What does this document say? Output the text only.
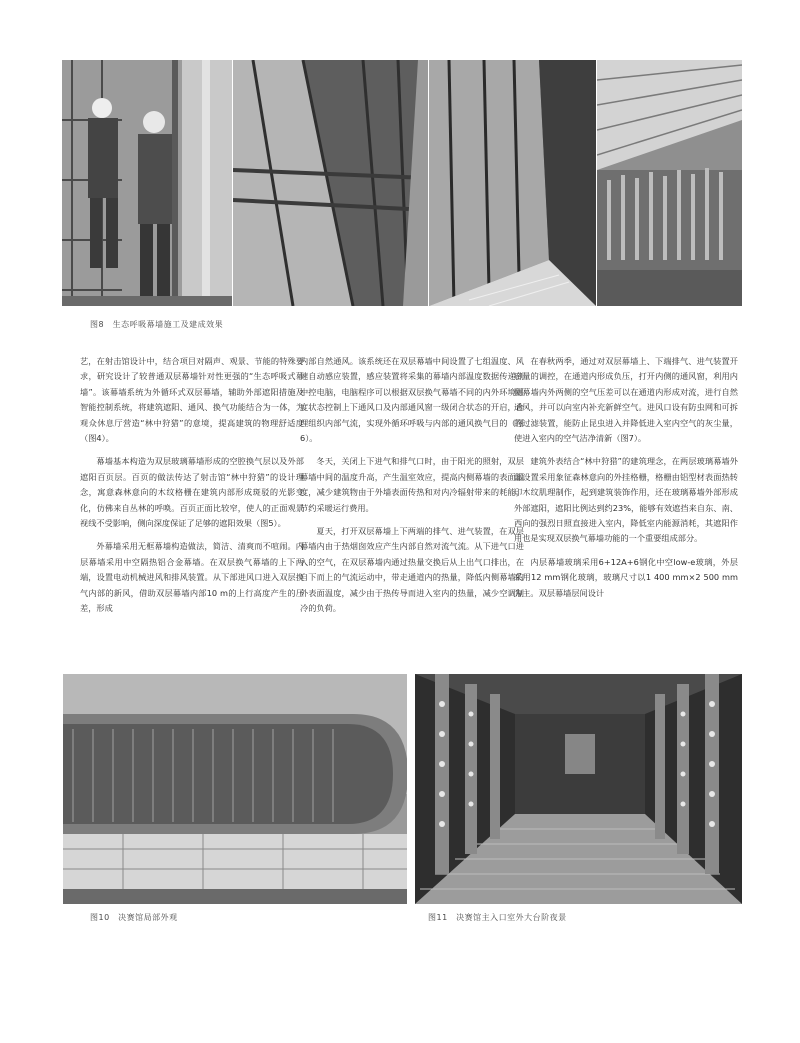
图8　生态呼吸幕墙施工及建成效果

艺，在射击馆设计中，结合项目对隔声、观景、节能的特殊要求，研究设计了较普通双层幕墙针对性更强的“生态呼吸式幕墙”。该幕墙系统为外循环式双层幕墙，辅助外部遮阳措施及智能控制系统，将建筑遮阳、通风、换气功能结合为一体，为观众休息厅营造“林中狩猎”的意境，提高建筑的物理舒适度（图4）。

幕墙基本构造为双层玻璃幕墙形成的空腔换气层以及外部遮阳百页层。百页的做法传达了射击馆“林中狩猎”的设计理念，寓意森林意向的木纹格栅在建筑内部形成斑驳的光影变化，仿佛来自丛林的呼唤。百页正面比较窄，使人的正面观景视线不受影响，侧向深度保证了足够的遮阳效果（图5）。

外幕墙采用无框幕墙构造做法，简洁、清爽而不喧闹。内层幕墙采用中空隔热铝合金幕墙。在双层换气幕墙的上下两端，设置电动机械进风和排风装置。从下部进风口进入双层换气内部的新风，借助双层幕墙内部10 m的上行高度产生的压差，形成

内部自然通风。该系统还在双层幕墙中间设置了七组温度、风速自动感应装置，感应装置将采集的幕墙内部温度数据传递到中控电脑，电脑程序可以根据双层换气幕墙不同的内外环境温度状态控制上下通风口及内部通风窗一级闭合状态的开启，合理组织内部气流，实现外循环呼吸与内部的通风换气目的（图6）。

冬天，关闭上下进气和排气口时，由于阳光的照射，双层幕墙中间的温度升高，产生温室效应，提高内侧幕墙的表面温度，减少建筑物由于外墙表面传热和对内冷辐射带来的耗能，节约采暖运行费用。

夏天，打开双层幕墙上下两端的排气、进气装置，在双层幕墙内由于热烟囱效应产生内部自然对流气流。从下进气口进入的空气，在双层幕墙内通过热量交换后从上出气口排出，在自下而上的气流运动中，带走通道内的热量，降低内侧幕墙的外表面温度，减少由于热传导而进入室内的热量，减少空调制冷的负荷。

在春秋两季，通过对双层幕墙上、下端排气、进气装置开启量的调控，在通道内形成负压，打开内侧的通风窗，利用内侧幕墙内外两侧的空气压差可以在通道内形成对流，进行自然通风，并可以向室内补充新鲜空气。进风口设有防虫网和可拆的过滤装置，能防止昆虫进入并降低进入室内空气的灰尘量，使进入室内的空气洁净清新（图7）。

建筑外表结合“林中狩猎”的建筑理念，在两层玻璃幕墙外部设置采用象征森林意向的外挂格栅，格栅由铝型材表面热转印木纹肌理制作，起到建筑装饰作用，还在玻璃幕墙外部形成外部遮阳，遮阳比例达到约23%，能够有效遮挡来自东、南、西向的强烈日照直接进入室内，降低室内能源消耗，其遮阳作用也是实现双层换气幕墙功能的一个重要组成部分。

内层幕墙玻璃采用6+12A+6钢化中空low-e玻璃，外层采用12 mm钢化玻璃，玻璃尺寸以1 400 mm×2 500 mm为主。双层幕墙层间设计

图10　决赛馆局部外观	图11　决赛馆主入口室外大台阶夜景
